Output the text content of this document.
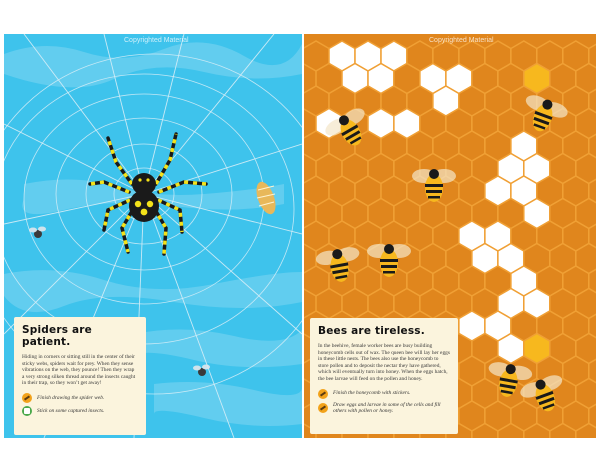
Copyrighted Material
Spiders are patient.
Hiding in corners or sitting still in the center of their sticky webs, spiders wait for prey. When they sense vibrations on the web, they pounce! Then they wrap a very strong silken thread around the insects caught in their trap, so they won’t get away!
Finish drawing the spider web.
Stick on some captured insects.
Copyrighted Material
Bees are tireless.
In the beehive, female worker bees are busy building honeycomb cells out of wax. The queen bee will lay her eggs in these little nests. The bees also use the honeycomb to store pollen and to deposit the nectar they have gathered, which will eventually turn into honey. When the eggs hatch, the bee larvae will feed on the pollen and honey.
Finish the honeycomb with stickers.
Draw eggs and larvae in some of the cells and fill others with pollen or honey.
